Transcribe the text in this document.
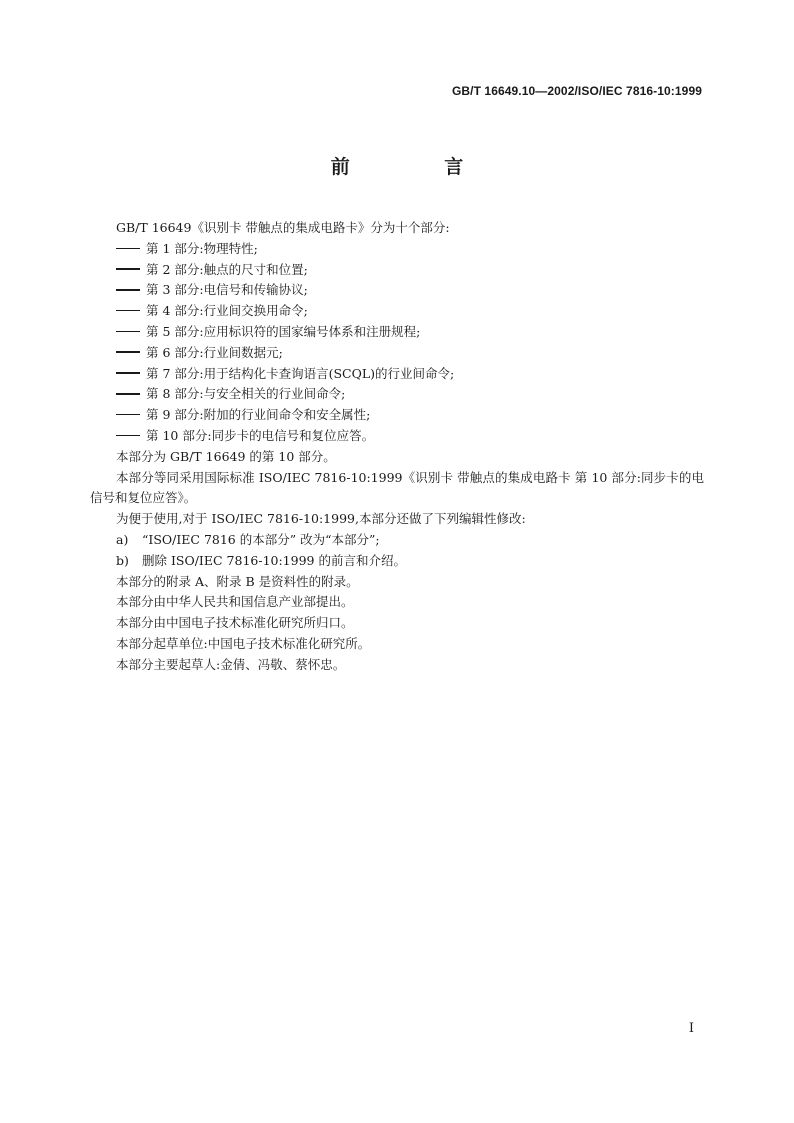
GB/T 16649.10—2002/ISO/IEC 7816-10:1999
前 言

GB/T 16649《识别卡 带触点的集成电路卡》分为十个部分:

第 1 部分:物理特性;

第 2 部分:触点的尺寸和位置;

第 3 部分:电信号和传输协议;

第 4 部分:行业间交换用命令;

第 5 部分:应用标识符的国家编号体系和注册规程;

第 6 部分:行业间数据元;

第 7 部分:用于结构化卡查询语言(SCQL)的行业间命令;

第 8 部分:与安全相关的行业间命令;

第 9 部分:附加的行业间命令和安全属性;

第 10 部分:同步卡的电信号和复位应答。

本部分为 GB/T 16649 的第 10 部分。

本部分等同采用国际标准 ISO/IEC 7816-10:1999《识别卡 带触点的集成电路卡 第 10 部分:同步卡的电信号和复位应答》。

为便于使用,对于 ISO/IEC 7816-10:1999,本部分还做了下列编辑性修改:

a) “ISO/IEC 7816 的本部分” 改为“本部分”;

b) 删除 ISO/IEC 7816-10:1999 的前言和介绍。

本部分的附录 A、附录 B 是资料性的附录。

本部分由中华人民共和国信息产业部提出。

本部分由中国电子技术标准化研究所归口。

本部分起草单位:中国电子技术标准化研究所。

本部分主要起草人:金倩、冯敬、蔡怀忠。

I
